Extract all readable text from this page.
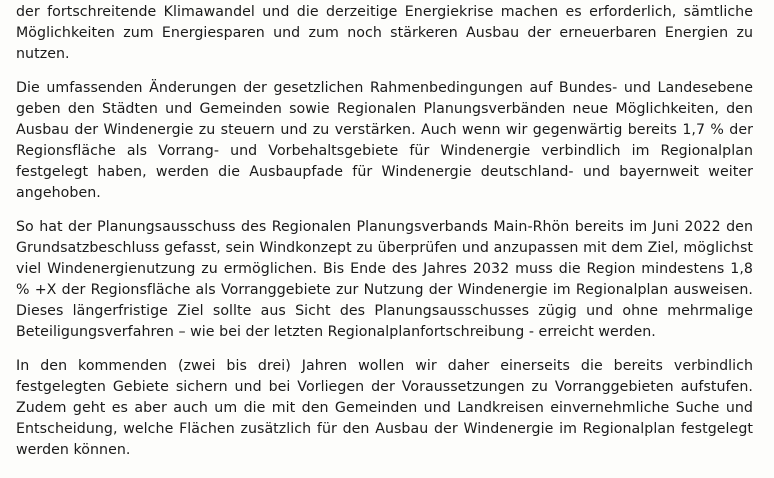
der fortschreitende Klimawandel und die derzeitige Energiekrise machen es erforderlich, sämtliche Möglichkeiten zum Energiesparen und zum noch stärkeren Ausbau der erneuerbaren Energien zu nutzen.

Die umfassenden Änderungen der gesetzlichen Rahmenbedingungen auf Bundes- und Landesebene geben den Städten und Gemeinden sowie Regionalen Planungsverbänden neue Möglichkeiten, den Ausbau der Windenergie zu steuern und zu verstärken. Auch wenn wir gegenwärtig bereits 1,7 % der Regionsfläche als Vorrang- und Vorbehaltsgebiete für Windenergie verbindlich im Regionalplan festgelegt haben, werden die Ausbaupfade für Windenergie deutschland- und bayernweit weiter angehoben.

So hat der Planungsausschuss des Regionalen Planungsverbands Main-Rhön bereits im Juni 2022 den Grundsatzbeschluss gefasst, sein Windkonzept zu überprüfen und anzupassen mit dem Ziel, möglichst viel Windenergienutzung zu ermöglichen. Bis Ende des Jahres 2032 muss die Region mindestens 1,8 % +X der Regionsfläche als Vorranggebiete zur Nutzung der Windenergie im Regionalplan ausweisen. Dieses längerfristige Ziel sollte aus Sicht des Planungsausschusses zügig und ohne mehrmalige Beteiligungsverfahren – wie bei der letzten Regionalplanfortschreibung - erreicht werden.

In den kommenden (zwei bis drei) Jahren wollen wir daher einerseits die bereits verbindlich festgelegten Gebiete sichern und bei Vorliegen der Voraussetzungen zu Vorranggebieten aufstufen. Zudem geht es aber auch um die mit den Gemeinden und Landkreisen einvernehmliche Suche und Entscheidung, welche Flächen zusätzlich für den Ausbau der Windenergie im Regionalplan festgelegt werden können.
